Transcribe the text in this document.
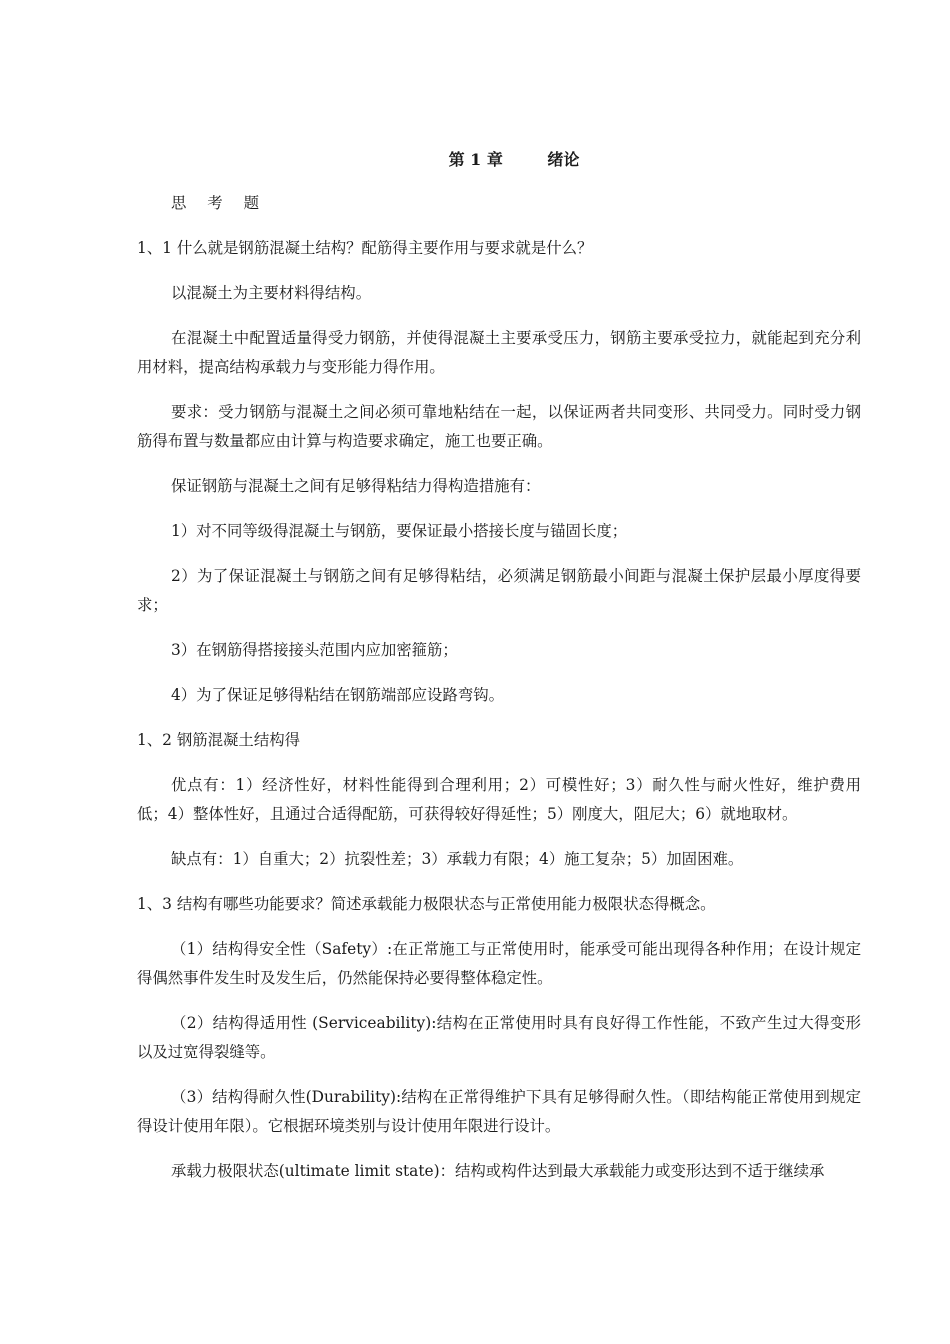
第 1 章        绪论
思 考 题
1、1 什么就是钢筋混凝土结构？配筋得主要作用与要求就是什么？
以混凝土为主要材料得结构。
在混凝土中配置适量得受力钢筋，并使得混凝土主要承受压力，钢筋主要承受拉力，就能起到充分利用材料，提高结构承载力与变形能力得作用。
要求：受力钢筋与混凝土之间必须可靠地粘结在一起，以保证两者共同变形、共同受力。同时受力钢筋得布置与数量都应由计算与构造要求确定，施工也要正确。
保证钢筋与混凝土之间有足够得粘结力得构造措施有：
1）对不同等级得混凝土与钢筋，要保证最小搭接长度与锚固长度；
2）为了保证混凝土与钢筋之间有足够得粘结，必须满足钢筋最小间距与混凝土保护层最小厚度得要求；
3）在钢筋得搭接接头范围内应加密箍筋；
4）为了保证足够得粘结在钢筋端部应设路弯钩。
1、2 钢筋混凝土结构得
优点有：1）经济性好，材料性能得到合理利用；2）可模性好；3）耐久性与耐火性好，维护费用低；4）整体性好，且通过合适得配筋，可获得较好得延性；5）刚度大，阻尼大；6）就地取材。
缺点有：1）自重大；2）抗裂性差；3）承载力有限；4）施工复杂；5）加固困难。
1、3 结构有哪些功能要求？简述承载能力极限状态与正常使用能力极限状态得概念。
（1）结构得安全性（Safety）:在正常施工与正常使用时，能承受可能出现得各种作用；在设计规定得偶然事件发生时及发生后，仍然能保持必要得整体稳定性。
（2）结构得适用性 (Serviceability):结构在正常使用时具有良好得工作性能，不致产生过大得变形以及过宽得裂缝等。
（3）结构得耐久性(Durability):结构在正常得维护下具有足够得耐久性。（即结构能正常使用到规定得设计使用年限）。它根据环境类别与设计使用年限进行设计。
承载力极限状态(ultimate limit state)：结构或构件达到最大承载能力或变形达到不适于继续承
